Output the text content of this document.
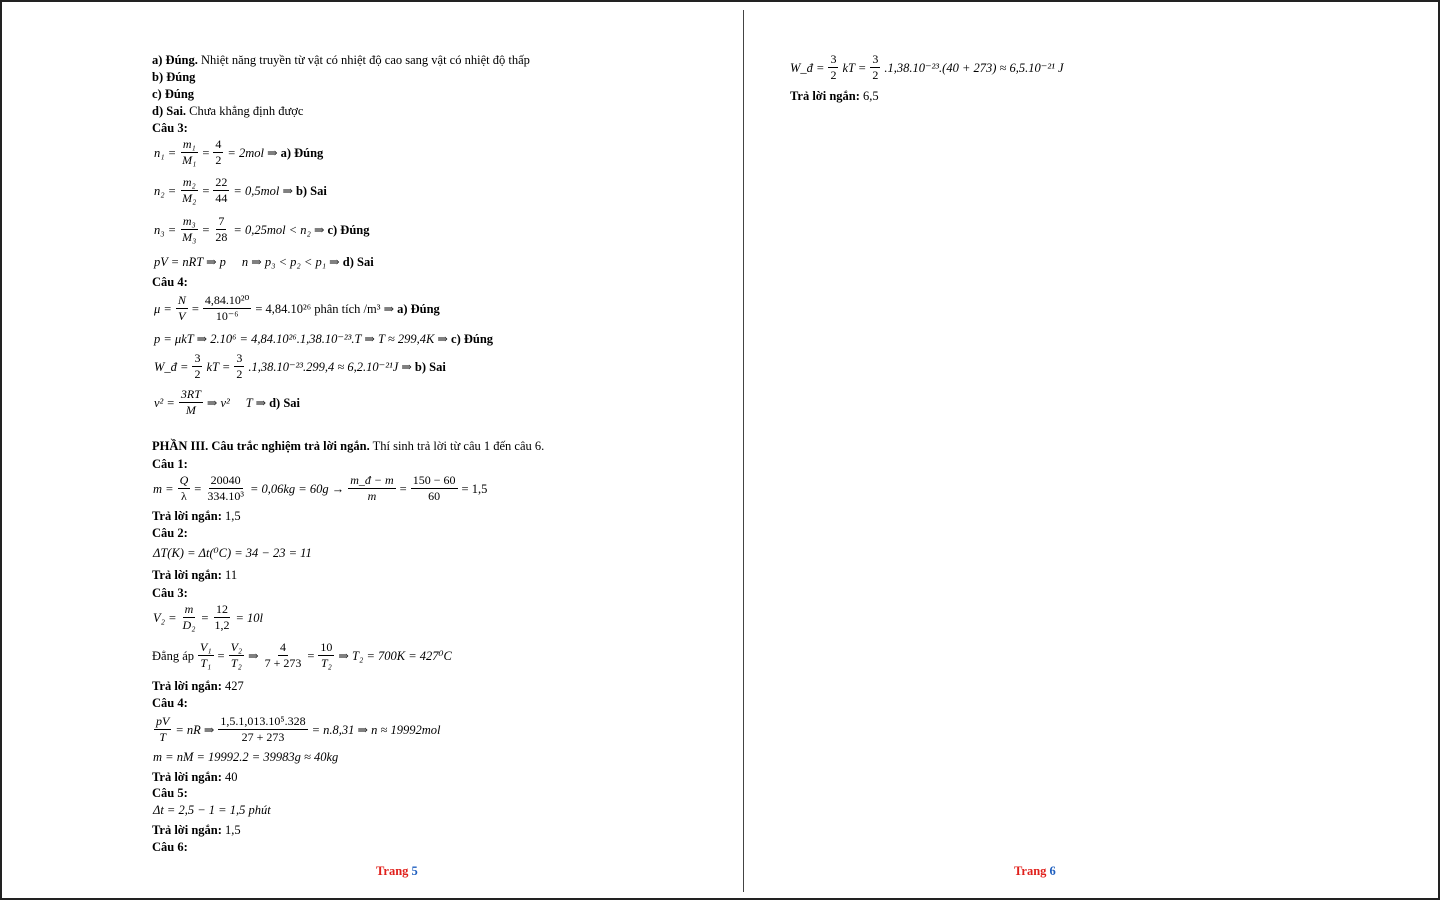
a) Đúng. Nhiệt năng truyền từ vật có nhiệt độ cao sang vật có nhiệt độ thấp
b) Đúng
c) Đúng
d) Sai. Chưa khẳng định được
Câu 3:
$n_1 = \frac{\text{m₁}}{\text{M₁}} = \frac{4}{2} = 2mol$ ⇒ a) Đúng
$n_2 = \frac{\text{m₂}}{\text{M₂}} = \frac{22}{44} = 0,5mol$ ⇒ b) Sai
$n_3 = \frac{\text{m₃}}{\text{M₃}} = \frac{7}{28} = 0,25mol < n_2$ ⇒ c) Đúng
pV = nRT ⇒ p ⃞ n ⇒ p₃ < p₂ < p₁ ⇒ d) Sai
Câu 4:
$\mu = \frac{N}{V} = \frac{\text{4,84.10²⁰}}{\text{10⁻⁶}} = 4,84.10^{26}$ phân tích /m³ ⇒ a) Đúng
p = μkT ⇒ 2.10⁶ = 4,84.10²⁶.1,38.10⁻²³.T ⇒ T ≈ 299,4K ⇒ c) Đúng
W_đ = $\frac{3}{2}$ kT = $\frac{3}{2} .1,38.10^{-23}.299,4 \approx 6,2.10^{-21}J$ ⇒ b) Sai
$v^2 = \frac{3RT}{M}$ ⇒ v² ⃞ T ⇒ d) Sai
PHẦN III. Câu trắc nghiệm trả lời ngắn. Thí sinh trả lời từ câu 1 đến câu 6.
Câu 1:
$m = \frac{Q}{\lambda} = \frac{20040}{\text{334.10³}} = 0,06kg = 60g \to \frac{m\_đ - m}{m} = \frac{150 - 60}{60} = 1,5$
Trả lời ngắn: 1,5
Câu 2:
ΔT(K) = Δt(⁰C) = 34 − 23 = 11
Trả lời ngắn: 11
Câu 3:
$V_2 = \frac{m}{\text{D₂}} = \frac{12}{1,2} = 10l$
Đẳng áp $\frac{\text{V₁}}{\text{T₁}} = \frac{\text{V₂}}{\text{T₂}}$ ⇒ $\frac{4}{7 + 273} = \frac{10}{\text{T₂}}$ ⇒ T₂ = 700K = 427⁰C
Trả lời ngắn: 427
Câu 4:
$\frac{pV}{T}$ = nR ⇒ $\frac{\text{1,5.1,013.10⁵.328}}{27 + 273} = n.8,31$ ⇒ n ≈ 19992mol
m = nM = 19992.2 = 39983g ≈ 40kg
Trả lời ngắn: 40
Câu 5:
Δt = 2,5 − 1 = 1,5 phút
Trả lời ngắn: 1,5
Câu 6:
Trang 5
W_đ = $\frac{3}{2}$ kT = $\frac{3}{2} .1,38.10^{-23}.(40 + 273) \approx 6,5.10^{-21}$ J
Trả lời ngắn: 6,5
Trang 6
